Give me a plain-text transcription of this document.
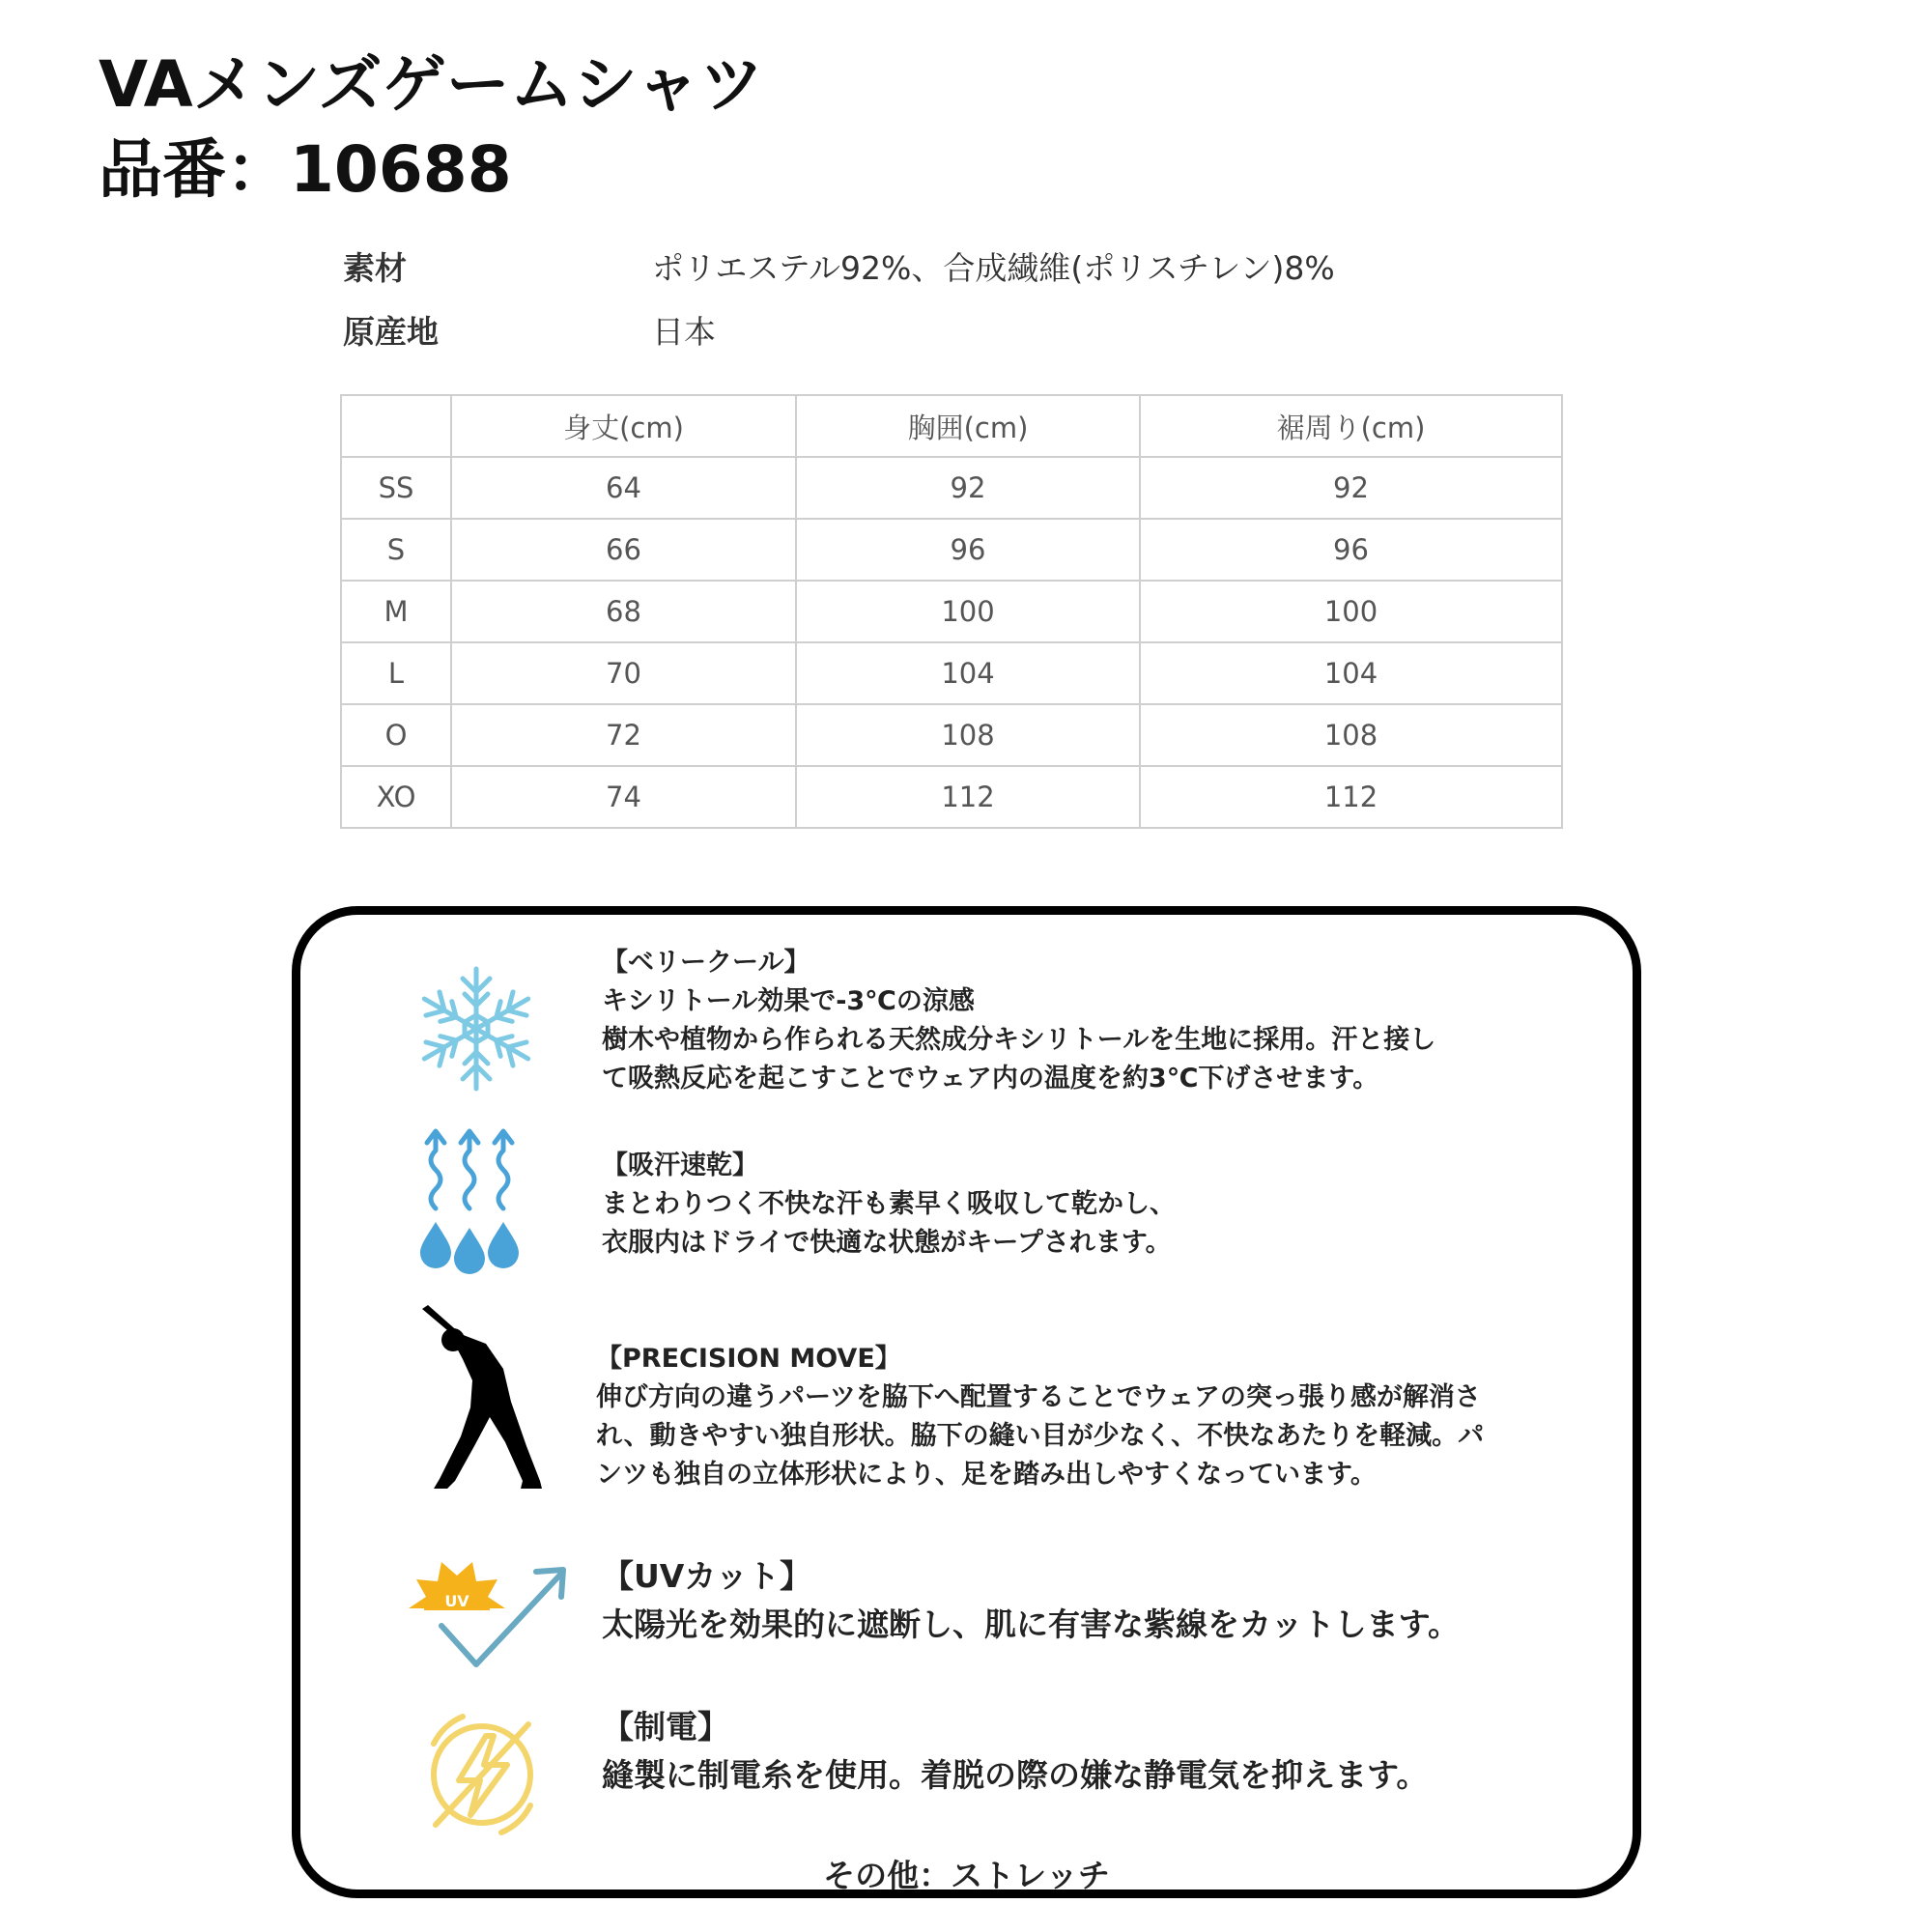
VAメンズゲームシャツ
品番：10688
素材	ポリエステル92%、合成繊維(ポリスチレン)8%
原産地	日本
	身丈(cm)	胸囲(cm)	裾周り(cm)
SS	64	92	92
S	66	96	96
M	68	100	100
L	70	104	104
O	72	108	108
XO	74	112	112

【ベリークール】

キシリトール効果で-3℃の涼感
樹木や植物から作られる天然成分キシリトールを生地に採用。汗と接し
て吸熱反応を起こすことでウェア内の温度を約3℃下げさせます。

【吸汗速乾】

まとわりつく不快な汗も素早く吸収して乾かし、
衣服内はドライで快適な状態がキープされます。

【PRECISION MOVE】

伸び方向の違うパーツを脇下へ配置することでウェアの突っ張り感が解消さ
れ、動きやすい独自形状。脇下の縫い目が少なく、不快なあたりを軽減。パ
ンツも独自の立体形状により、足を踏み出しやすくなっています。

UV

【UVカット】

太陽光を効果的に遮断し、肌に有害な紫線をカットします。

【制電】

縫製に制電糸を使用。着脱の際の嫌な静電気を抑えます。

その他：ストレッチ
